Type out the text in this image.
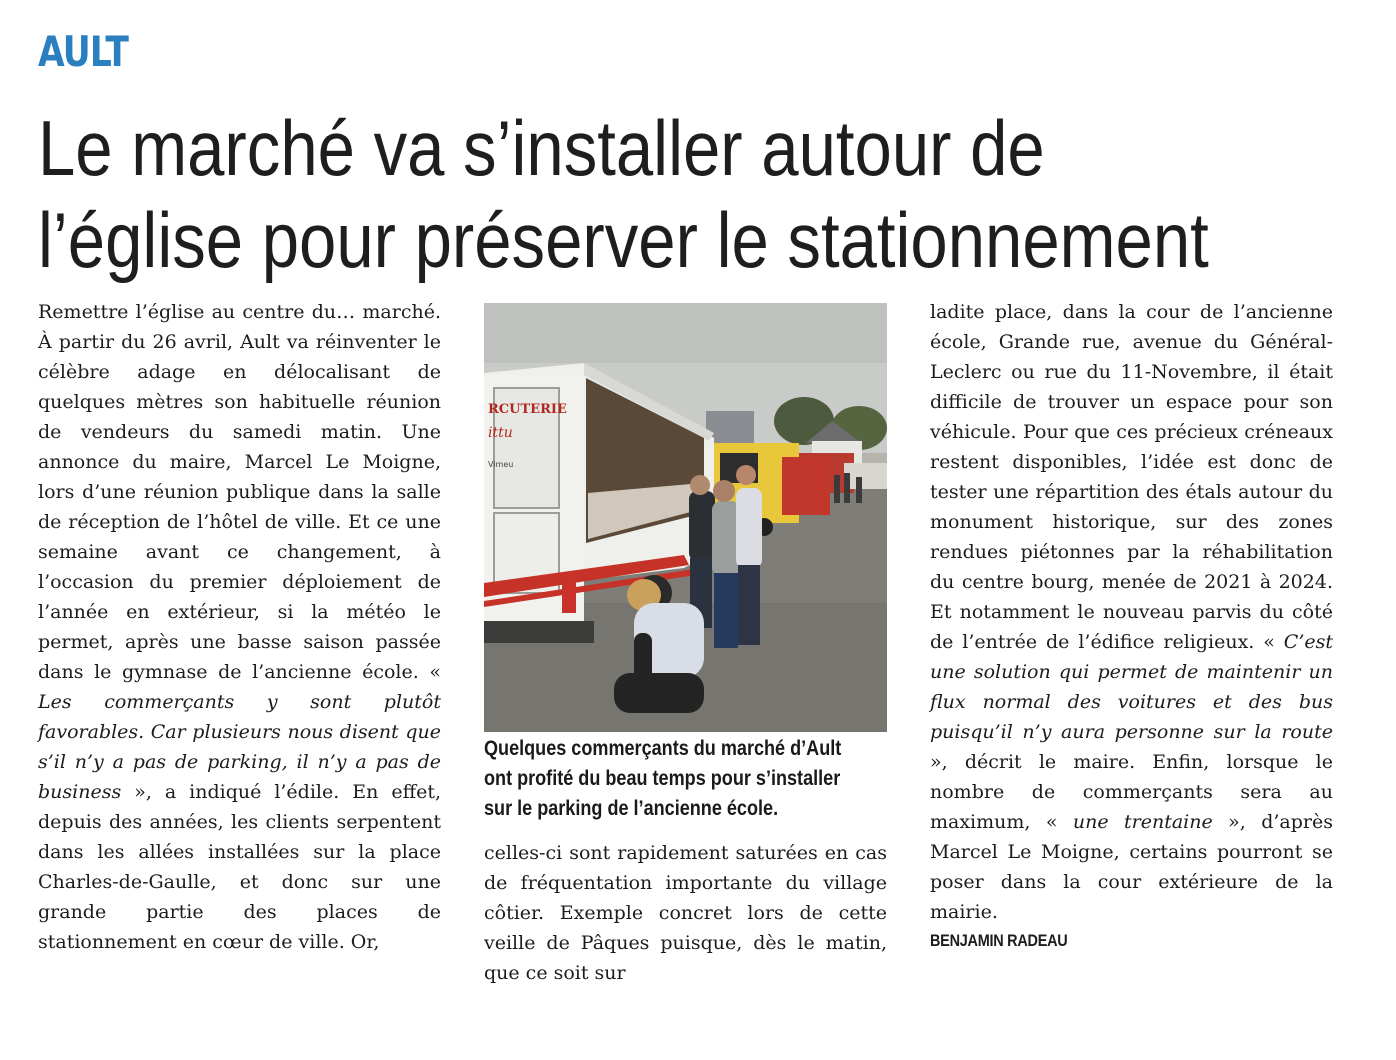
AULT
Le marché va s’installer autour de
l’église pour préserver le stationnement

Remettre l’église au centre du… marché. À partir du 26 avril, Ault va réinventer le célèbre adage en délocalisant de quelques mètres son habituelle réunion de vendeurs du samedi matin. Une annonce du maire, Marcel Le Moigne, lors d’une réunion publique dans la salle de réception de l’hôtel de ville. Et ce une semaine avant ce changement, à l’occasion du premier déploiement de l’année en extérieur, si la météo le permet, après une basse saison passée dans le gymnase de l’ancienne école. « Les commerçants y sont plutôt favorables. Car plusieurs nous disent que s’il n’y a pas de parking, il n’y a pas de business », a indiqué l’édile. En effet, depuis des années, les clients serpentent dans les allées installées sur la place Charles-de-Gaulle, et donc sur une grande partie des places de stationnement en cœur de ville. Or,

RCUTERIE
ittu
Vimeu
Quelques commerçants du marché d’Ault ont profité du beau temps pour s’installer sur le parking de l’ancienne école.

celles-ci sont rapidement saturées en cas de fréquentation importante du village côtier. Exemple concret lors de cette veille de Pâques puisque, dès le matin, que ce soit sur

ladite place, dans la cour de l’ancienne école, Grande rue, avenue du Général-Leclerc ou rue du 11-Novembre, il était difficile de trouver un espace pour son véhicule. Pour que ces précieux créneaux restent disponibles, l’idée est donc de tester une répartition des étals autour du monument historique, sur des zones rendues piétonnes par la réhabilitation du centre bourg, menée de 2021 à 2024. Et notamment le nouveau parvis du côté de l’entrée de l’édifice religieux. « C’est une solution qui permet de maintenir un flux normal des voitures et des bus puisqu’il n’y aura personne sur la route », décrit le maire. Enfin, lorsque le nombre de commerçants sera au maximum, « une trentaine », d’après Marcel Le Moigne, certains pourront se poser dans la cour extérieure de la mairie.

BENJAMIN RADEAU
